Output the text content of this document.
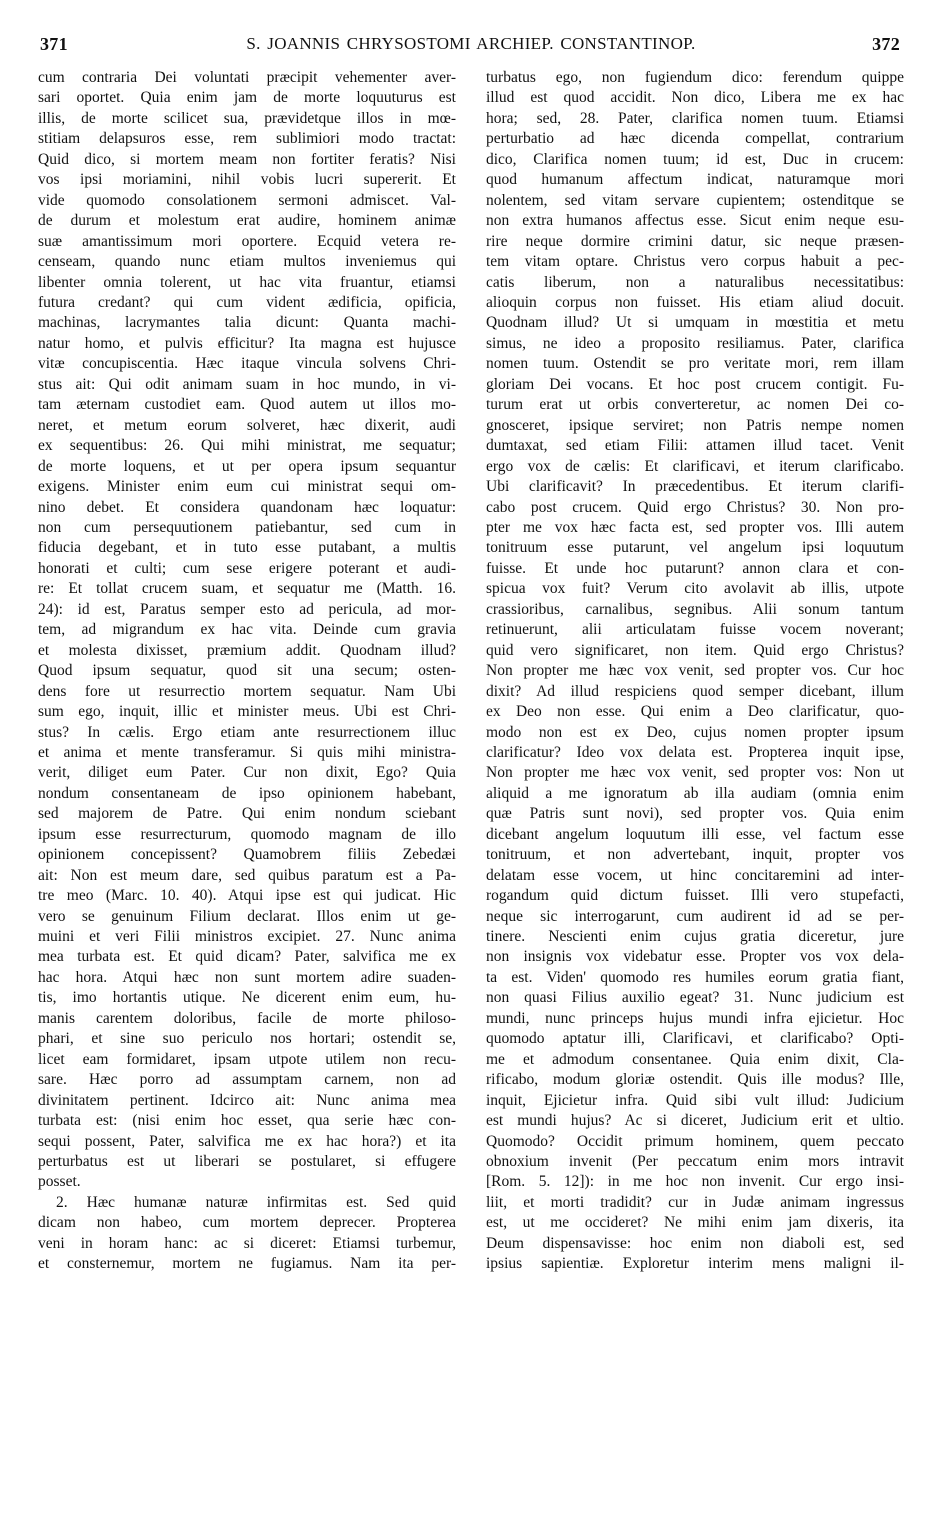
371	S. JOANNIS CHRYSOSTOMI ARCHIEP. CONSTANTINOP.	372
cum contraria Dei voluntati præcipit vehementer aver-
sari oportet. Quia enim jam de morte loquuturus est
illis, de morte scilicet sua, prævidetque illos in mœ-
stitiam delapsuros esse, rem sublimiori modo tractat:
Quid dico, si mortem meam non fortiter feratis? Nisi
vos ipsi moriamini, nihil vobis lucri supererit. Et
vide quomodo consolationem sermoni admiscet. Val-
de durum et molestum erat audire, hominem animæ
suæ amantissimum mori oportere. Ecquid vetera re-
censeam, quando nunc etiam multos inveniemus qui
libenter omnia tolerent, ut hac vita fruantur, etiamsi
futura credant? qui cum vident ædificia, opificia,
machinas, lacrymantes talia dicunt: Quanta machi-
natur homo, et pulvis efficitur? Ita magna est hujusce
vitæ concupiscentia. Hæc itaque vincula solvens Chri-
stus ait: Qui odit animam suam in hoc mundo, in vi-
tam æternam custodiet eam. Quod autem ut illos mo-
neret, et metum eorum solveret, hæc dixerit, audi
ex sequentibus: 26. Qui mihi ministrat, me sequatur;
de morte loquens, et ut per opera ipsum sequantur
exigens. Minister enim eum cui ministrat sequi om-
nino debet. Et considera quandonam hæc loquatur:
non cum persequutionem patiebantur, sed cum in
fiducia degebant, et in tuto esse putabant, a multis
honorati et culti; cum sese erigere poterant et audi-
re: Et tollat crucem suam, et sequatur me (Matth. 16.
24): id est, Paratus semper esto ad pericula, ad mor-
tem, ad migrandum ex hac vita. Deinde cum gravia
et molesta dixisset, præmium addit. Quodnam illud?
Quod ipsum sequatur, quod sit una secum; osten-
dens fore ut resurrectio mortem sequatur. Nam Ubi
sum ego, inquit, illic et minister meus. Ubi est Chri-
stus? In cælis. Ergo etiam ante resurrectionem illuc
et anima et mente transferamur. Si quis mihi ministra-
verit, diliget eum Pater. Cur non dixit, Ego? Quia
nondum consentaneam de ipso opinionem habebant,
sed majorem de Patre. Qui enim nondum sciebant
ipsum esse resurrecturum, quomodo magnam de illo
opinionem concepissent? Quamobrem filiis Zebedæi
ait: Non est meum dare, sed quibus paratum est a Pa-
tre meo (Marc. 10. 40). Atqui ipse est qui judicat. Hic
vero se genuinum Filium declarat. Illos enim ut ge-
muini et veri Filii ministros excipiet. 27. Nunc anima
mea turbata est. Et quid dicam? Pater, salvifica me ex
hac hora. Atqui hæc non sunt mortem adire suaden-
tis, imo hortantis utique. Ne dicerent enim eum, hu-
manis carentem doloribus, facile de morte philoso-
phari, et sine suo periculo nos hortari; ostendit se,
licet eam formidaret, ipsam utpote utilem non recu-
sare. Hæc porro ad assumptam carnem, non ad
divinitatem pertinent. Idcirco ait: Nunc anima mea
turbata est: (nisi enim hoc esset, qua serie hæc con-
sequi possent, Pater, salvifica me ex hac hora?) et ita
perturbatus est ut liberari se postularet, si effugere
posset.
2. Hæc humanæ naturæ infirmitas est. Sed quid
dicam non habeo, cum mortem deprecer. Propterea
veni in horam hanc: ac si diceret: Etiamsi turbemur,
et consternemur, mortem ne fugiamus. Nam ita per-
turbatus ego, non fugiendum dico: ferendum quippe
illud est quod accidit. Non dico, Libera me ex hac
hora; sed, 28. Pater, clarifica nomen tuum. Etiamsi
perturbatio ad hæc dicenda compellat, contrarium
dico, Clarifica nomen tuum; id est, Duc in crucem:
quod humanum affectum indicat, naturamque mori
nolentem, sed vitam servare cupientem; ostenditque se
non extra humanos affectus esse. Sicut enim neque esu-
rire neque dormire crimini datur, sic neque præsen-
tem vitam optare. Christus vero corpus habuit a pec-
catis liberum, non a naturalibus necessitatibus:
alioquin corpus non fuisset. His etiam aliud docuit.
Quodnam illud? Ut si umquam in mœstitia et metu
simus, ne ideo a proposito resiliamus. Pater, clarifica
nomen tuum. Ostendit se pro veritate mori, rem illam
gloriam Dei vocans. Et hoc post crucem contigit. Fu-
turum erat ut orbis converteretur, ac nomen Dei co-
gnosceret, ipsique serviret; non Patris nempe nomen
dumtaxat, sed etiam Filii: attamen illud tacet. Venit
ergo vox de cælis: Et clarificavi, et iterum clarificabo.
Ubi clarificavit? In præcedentibus. Et iterum clarifi-
cabo post crucem. Quid ergo Christus? 30. Non pro-
pter me vox hæc facta est, sed propter vos. Illi autem
tonitruum esse putarunt, vel angelum ipsi loquutum
fuisse. Et unde hoc putarunt? annon clara et con-
spicua vox fuit? Verum cito avolavit ab illis, utpote
crassioribus, carnalibus, segnibus. Alii sonum tantum
retinuerunt, alii articulatam fuisse vocem noverant;
quid vero significaret, non item. Quid ergo Christus?
Non propter me hæc vox venit, sed propter vos. Cur hoc
dixit? Ad illud respiciens quod semper dicebant, illum
ex Deo non esse. Qui enim a Deo clarificatur, quo-
modo non est ex Deo, cujus nomen propter ipsum
clarificatur? Ideo vox delata est. Propterea inquit ipse,
Non propter me hæc vox venit, sed propter vos: Non ut
aliquid a me ignoratum ab illa audiam (omnia enim
quæ Patris sunt novi), sed propter vos. Quia enim
dicebant angelum loquutum illi esse, vel factum esse
tonitruum, et non advertebant, inquit, propter vos
delatam esse vocem, ut hinc concitaremini ad inter-
rogandum quid dictum fuisset. Illi vero stupefacti,
neque sic interrogarunt, cum audirent id ad se per-
tinere. Nescienti enim cujus gratia diceretur, jure
non insignis vox videbatur esse. Propter vos vox dela-
ta est. Viden' quomodo res humiles eorum gratia fiant,
non quasi Filius auxilio egeat? 31. Nunc judicium est
mundi, nunc princeps hujus mundi infra ejicietur. Hoc
quomodo aptatur illi, Clarificavi, et clarificabo? Opti-
me et admodum consentanee. Quia enim dixit, Cla-
rificabo, modum gloriæ ostendit. Quis ille modus? Ille,
inquit, Ejicietur infra. Quid sibi vult illud: Judicium
est mundi hujus? Ac si diceret, Judicium erit et ultio.
Quomodo? Occidit primum hominem, quem peccato
obnoxium invenit (Per peccatum enim mors intravit
[Rom. 5. 12]): in me hoc non invenit. Cur ergo insi-
liit, et morti tradidit? cur in Judæ animam ingressus
est, ut me occideret? Ne mihi enim jam dixeris, ita
Deum dispensavisse: hoc enim non diaboli est, sed
ipsius sapientiæ. Exploretur interim mens maligni il-
